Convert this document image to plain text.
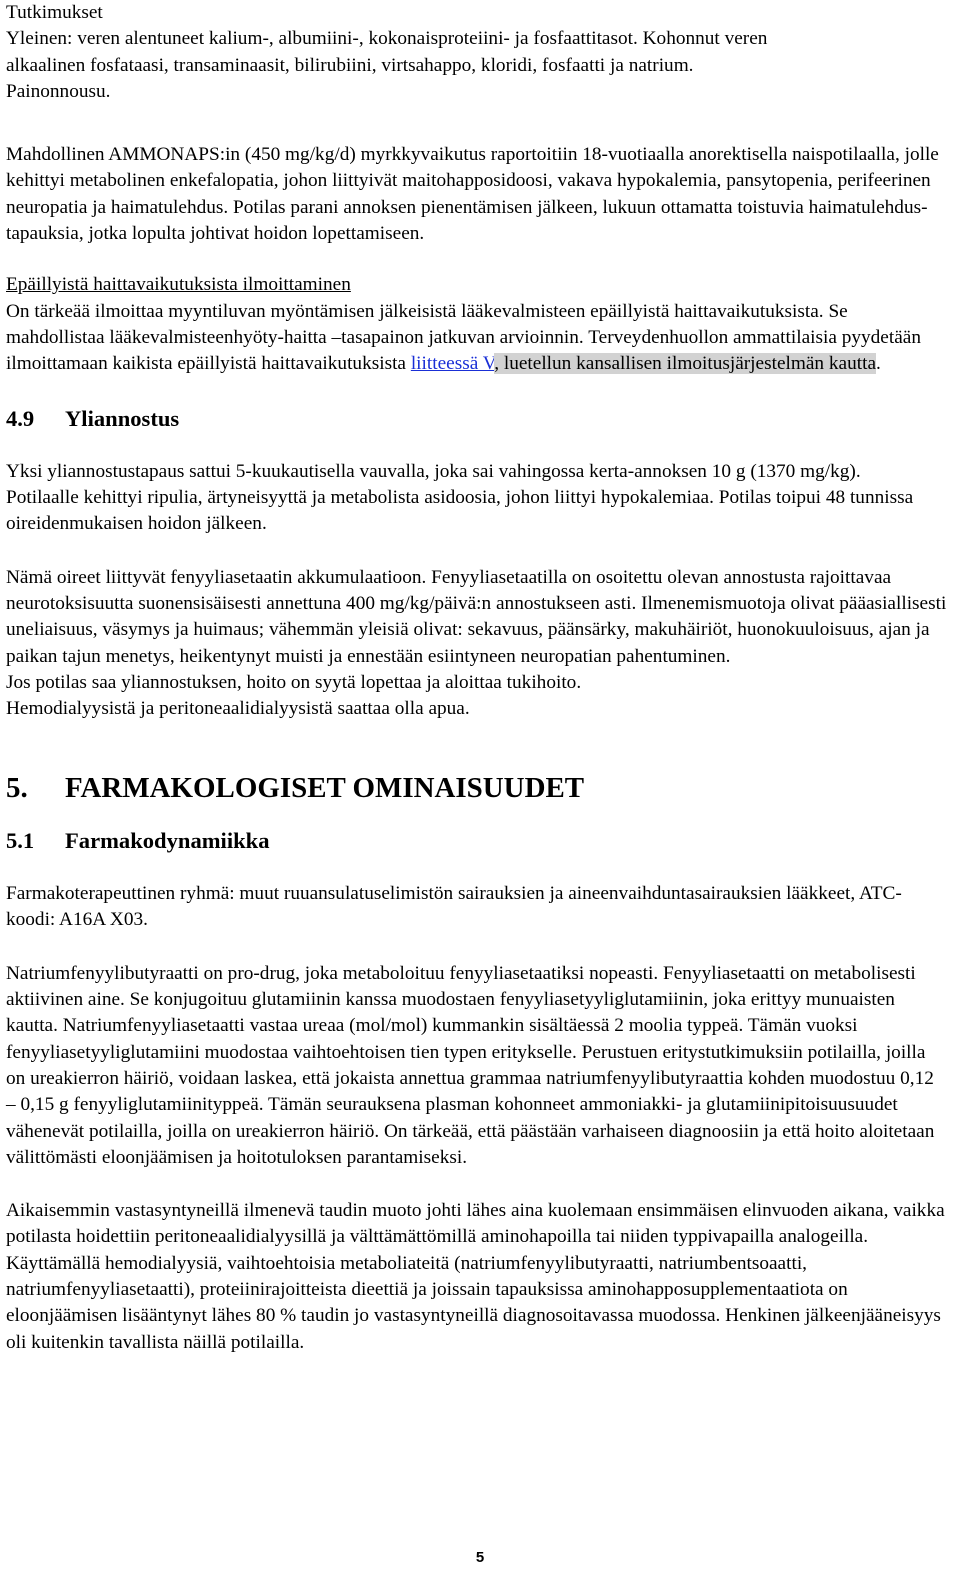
Tutkimukset

Yleinen: veren alentuneet kalium-, albumiini-, kokonaisproteiini- ja fosfaattitasot. Kohonnut veren

alkaalinen fosfataasi, transaminaasit, bilirubiini, virtsahappo, kloridi, fosfaatti ja natrium.

Painonnousu.

Mahdollinen AMMONAPS:in (450 mg/kg/d) myrkkyvaikutus raportoitiin 18-vuotiaalla anorektisella naispotilaalla, jolle kehittyi metabolinen enkefalopatia, johon liittyivät maitohapposidoosi, vakava hypokalemia, pansytopenia, perifeerinen neuropatia ja haimatulehdus. Potilas parani annoksen pienentämisen jälkeen, lukuun ottamatta toistuvia haimatulehdus-tapauksia, jotka lopulta johtivat hoidon lopettamiseen.

Epäillyistä haittavaikutuksista ilmoittaminen

On tärkeää ilmoittaa myyntiluvan myöntämisen jälkeisistä lääkevalmisteen epäillyistä haittavaikutuksista. Se mahdollistaa lääkevalmisteenhyöty-haitta –tasapainon jatkuvan arvioinnin. Terveydenhuollon ammattilaisia pyydetään ilmoittamaan kaikista epäillyistä haittavaikutuksista liitteessä V, luetellun kansallisen ilmoitusjärjestelmän kautta.

4.9	Yliannostus

Yksi yliannostustapaus sattui 5-kuukautisella vauvalla, joka sai vahingossa kerta-annoksen 10 g (1370 mg/kg). Potilaalle kehittyi ripulia, ärtyneisyyttä ja metabolista asidoosia, johon liittyi hypokalemiaa. Potilas toipui 48 tunnissa oireidenmukaisen hoidon jälkeen.

Nämä oireet liittyvät fenyyliasetaatin akkumulaatioon. Fenyyliasetaatilla on osoitettu olevan annostusta rajoittavaa neurotoksisuutta suonensisäisesti annettuna 400 mg/kg/päivä:n annostukseen asti. Ilmenemismuotoja olivat pääasiallisesti uneliaisuus, väsymys ja huimaus; vähemmän yleisiä olivat: sekavuus, päänsärky, makuhäiriöt, huonokuuloisuus, ajan ja paikan tajun menetys, heikentynyt muisti ja ennestään esiintyneen neuropatian pahentuminen.

Jos potilas saa yliannostuksen, hoito on syytä lopettaa ja aloittaa tukihoito.

Hemodialyysistä ja peritoneaalidialyysistä saattaa olla apua.

5.	FARMAKOLOGISET OMINAISUUDET
5.1	Farmakodynamiikka

Farmakoterapeuttinen ryhmä: muut ruuansulatuselimistön sairauksien ja aineenvaihduntasairauksien lääkkeet, ATC-koodi: A16A X03.

Natriumfenyylibutyraatti on pro-drug, joka metaboloituu fenyyliasetaatiksi nopeasti. Fenyyliasetaatti on metabolisesti aktiivinen aine. Se konjugoituu glutamiinin kanssa muodostaen fenyyliasetyyliglutamiinin, joka erittyy munuaisten kautta. Natriumfenyyliasetaatti vastaa ureaa (mol/mol) kummankin sisältäessä 2 moolia typpeä. Tämän vuoksi fenyyliasetyyliglutamiini muodostaa vaihtoehtoisen tien typen eritykselle. Perustuen eritystutkimuksiin potilailla, joilla on ureakierron häiriö, voidaan laskea, että jokaista annettua grammaa natriumfenyylibutyraattia kohden muodostuu 0,12 – 0,15 g fenyyliglutamiinityppeä. Tämän seurauksena plasman kohonneet ammoniakki- ja glutamiinipitoisuusuudet vähenevät potilailla, joilla on ureakierron häiriö. On tärkeää, että päästään varhaiseen diagnoosiin ja että hoito aloitetaan välittömästi eloonjäämisen ja hoitotuloksen parantamiseksi.

Aikaisemmin vastasyntyneillä ilmenevä taudin muoto johti lähes aina kuolemaan ensimmäisen elinvuoden aikana, vaikka potilasta hoidettiin peritoneaalidialyysillä ja välttämättömillä aminohapoilla tai niiden typpivapailla analogeilla. Käyttämällä hemodialyysiä, vaihtoehtoisia metaboliateitä (natriumfenyylibutyraatti, natriumbentsoaatti, natriumfenyyliasetaatti), proteiinirajoitteista dieettiä ja joissain tapauksissa aminohapposupplementaatiota on eloonjäämisen lisääntynyt lähes 80 % taudin jo vastasyntyneillä diagnosoitavassa muodossa. Henkinen jälkeenjääneisyys oli kuitenkin tavallista näillä potilailla.

5
